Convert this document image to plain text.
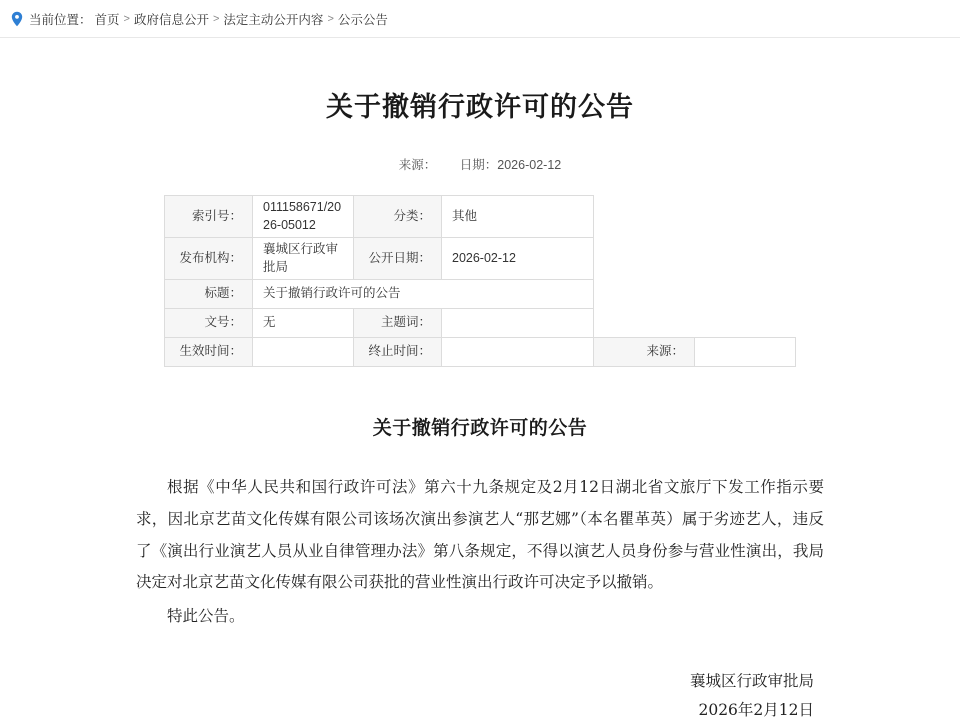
当前位置： 首页 > 政府信息公开 > 法定主动公开内容 > 公示公告
关于撤销行政许可的公告
来源： 日期：2026-02-12
索引号：	011158671/2026-05012	分类：	其他		
发布机构：	襄城区行政审批局	公开日期：	2026-02-12		
标题：	关于撤销行政许可的公告				
文号：	无	主题词：			
生效时间：		终止时间：		来源：	
关于撤销行政许可的公告

根据《中华人民共和国行政许可法》第六十九条规定及2月12日湖北省文旅厅下发工作指示要求，因北京艺苗文化传媒有限公司该场次演出参演艺人“那艺娜”（本名瞿革英）属于劣迹艺人，违反了《演出行业演艺人员从业自律管理办法》第八条规定，不得以演艺人员身份参与营业性演出，我局决定对北京艺苗文化传媒有限公司获批的营业性演出行政许可决定予以撤销。

特此公告。

襄城区行政审批局
2026年2月12日
